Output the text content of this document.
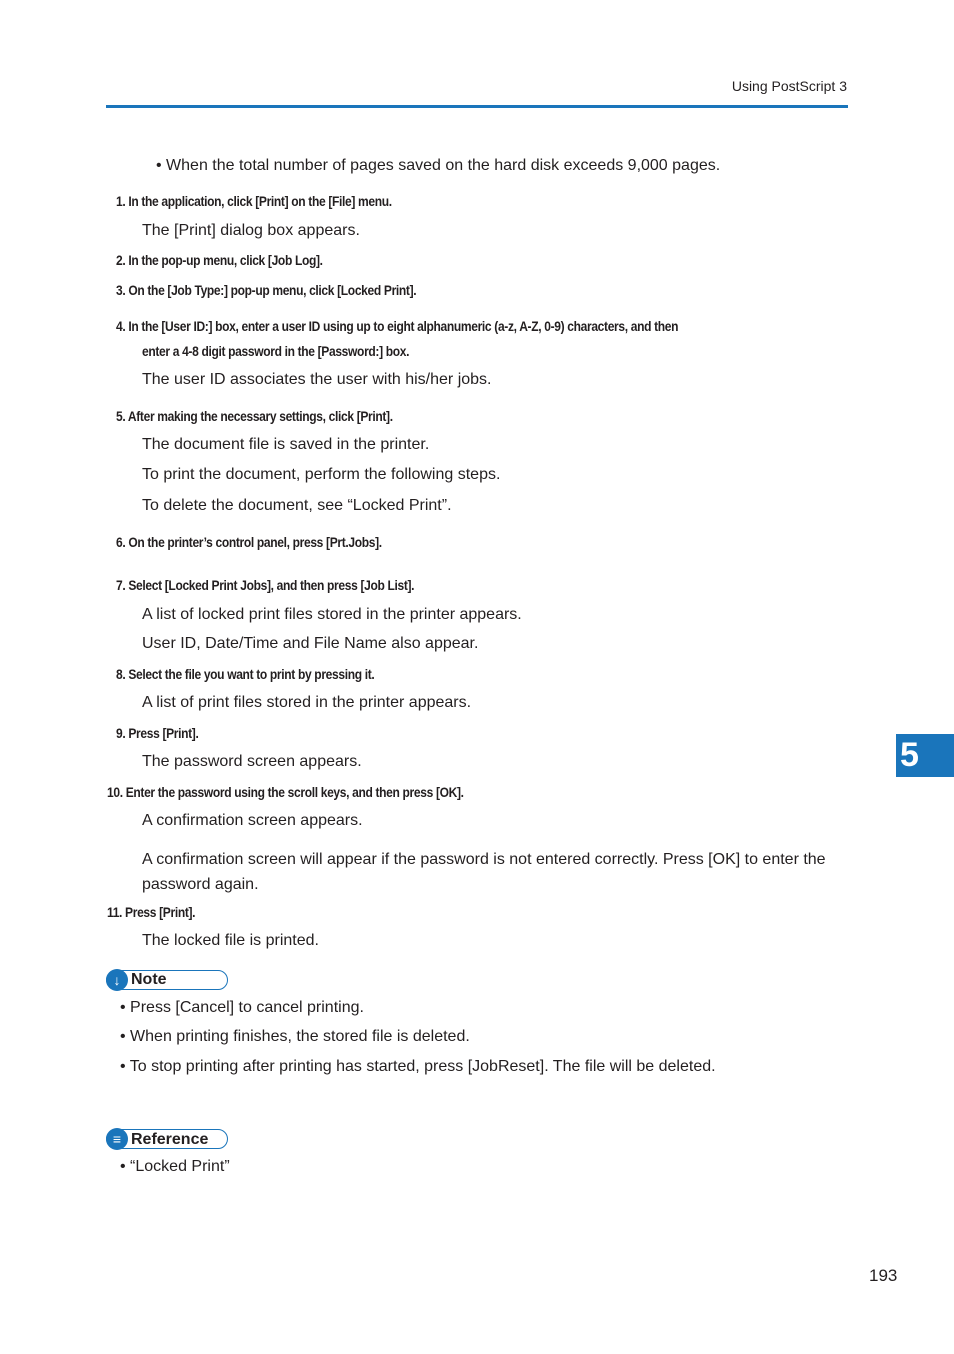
Using PostScript 3
5
• When the total number of pages saved on the hard disk exceeds 9,000 pages.
1. In the application, click [Print] on the [File] menu.
The [Print] dialog box appears.
2. In the pop-up menu, click [Job Log].
3. On the [Job Type:] pop-up menu, click [Locked Print].
4. In the [User ID:] box, enter a user ID using up to eight alphanumeric (a-z, A-Z, 0-9) characters, and then
enter a 4-8 digit password in the [Password:] box.
The user ID associates the user with his/her jobs.
5. After making the necessary settings, click [Print].
The document file is saved in the printer.
To print the document, perform the following steps.
To delete the document, see “Locked Print”.
6. On the printer’s control panel, press [Prt.Jobs].
7. Select [Locked Print Jobs], and then press [Job List].
A list of locked print files stored in the printer appears.
User ID, Date/Time and File Name also appear.
8. Select the file you want to print by pressing it.
A list of print files stored in the printer appears.
9. Press [Print].
The password screen appears.
10. Enter the password using the scroll keys, and then press [OK].
A confirmation screen appears.
A confirmation screen will appear if the password is not entered correctly. Press [OK] to enter the password again.
11. Press [Print].
The locked file is printed.
↓ Note
• Press [Cancel] to cancel printing.
• When printing finishes, the stored file is deleted.
• To stop printing after printing has started, press [JobReset]. The file will be deleted.
≡ Reference
• “Locked Print”
193
